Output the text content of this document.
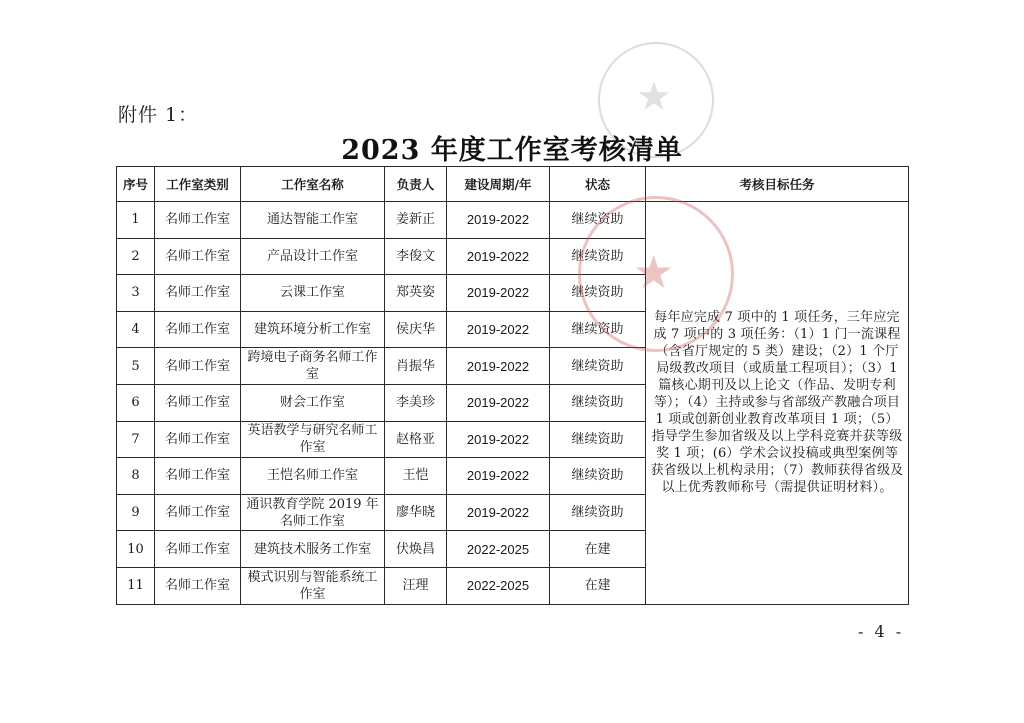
★
附件 1：
2023 年度工作室考核清单
序号	工作室类别	工作室名称	负责人	建设周期/年	状态	考核目标任务
1	名师工作室	通达智能工作室	姜新正	2019-2022	继续资助	每年应完成 7 项中的 1 项任务，三年应完成 7 项中的 3 项任务：（1）1 门一流课程（含省厅规定的 5 类）建设；（2）1 个厅局级教改项目（或质量工程项目）；（3）1 篇核心期刊及以上论文（作品、发明专利等）；（4）主持或参与省部级产教融合项目 1 项或创新创业教育改革项目 1 项；（5）指导学生参加省级及以上学科竞赛并获等级奖 1 项；(6）学术会议投稿或典型案例等获省级以上机构录用；（7）教师获得省级及以上优秀教师称号（需提供证明材料）。
2	名师工作室	产品设计工作室	李俊文	2019-2022	继续资助	
3	名师工作室	云课工作室	郑英姿	2019-2022	继续资助	
4	名师工作室	建筑环境分析工作室	侯庆华	2019-2022	继续资助	
5	名师工作室	跨境电子商务名师工作室	肖振华	2019-2022	继续资助	
6	名师工作室	财会工作室	李美珍	2019-2022	继续资助	
7	名师工作室	英语教学与研究名师工作室	赵格亚	2019-2022	继续资助	
8	名师工作室	王恺名师工作室	王恺	2019-2022	继续资助	
9	名师工作室	通识教育学院 2019 年名师工作室	廖华晓	2019-2022	继续资助	
10	名师工作室	建筑技术服务工作室	伏焕昌	2022-2025	在建	
11	名师工作室	模式识别与智能系统工作室	汪理	2022-2025	在建	
★
- 4 -
